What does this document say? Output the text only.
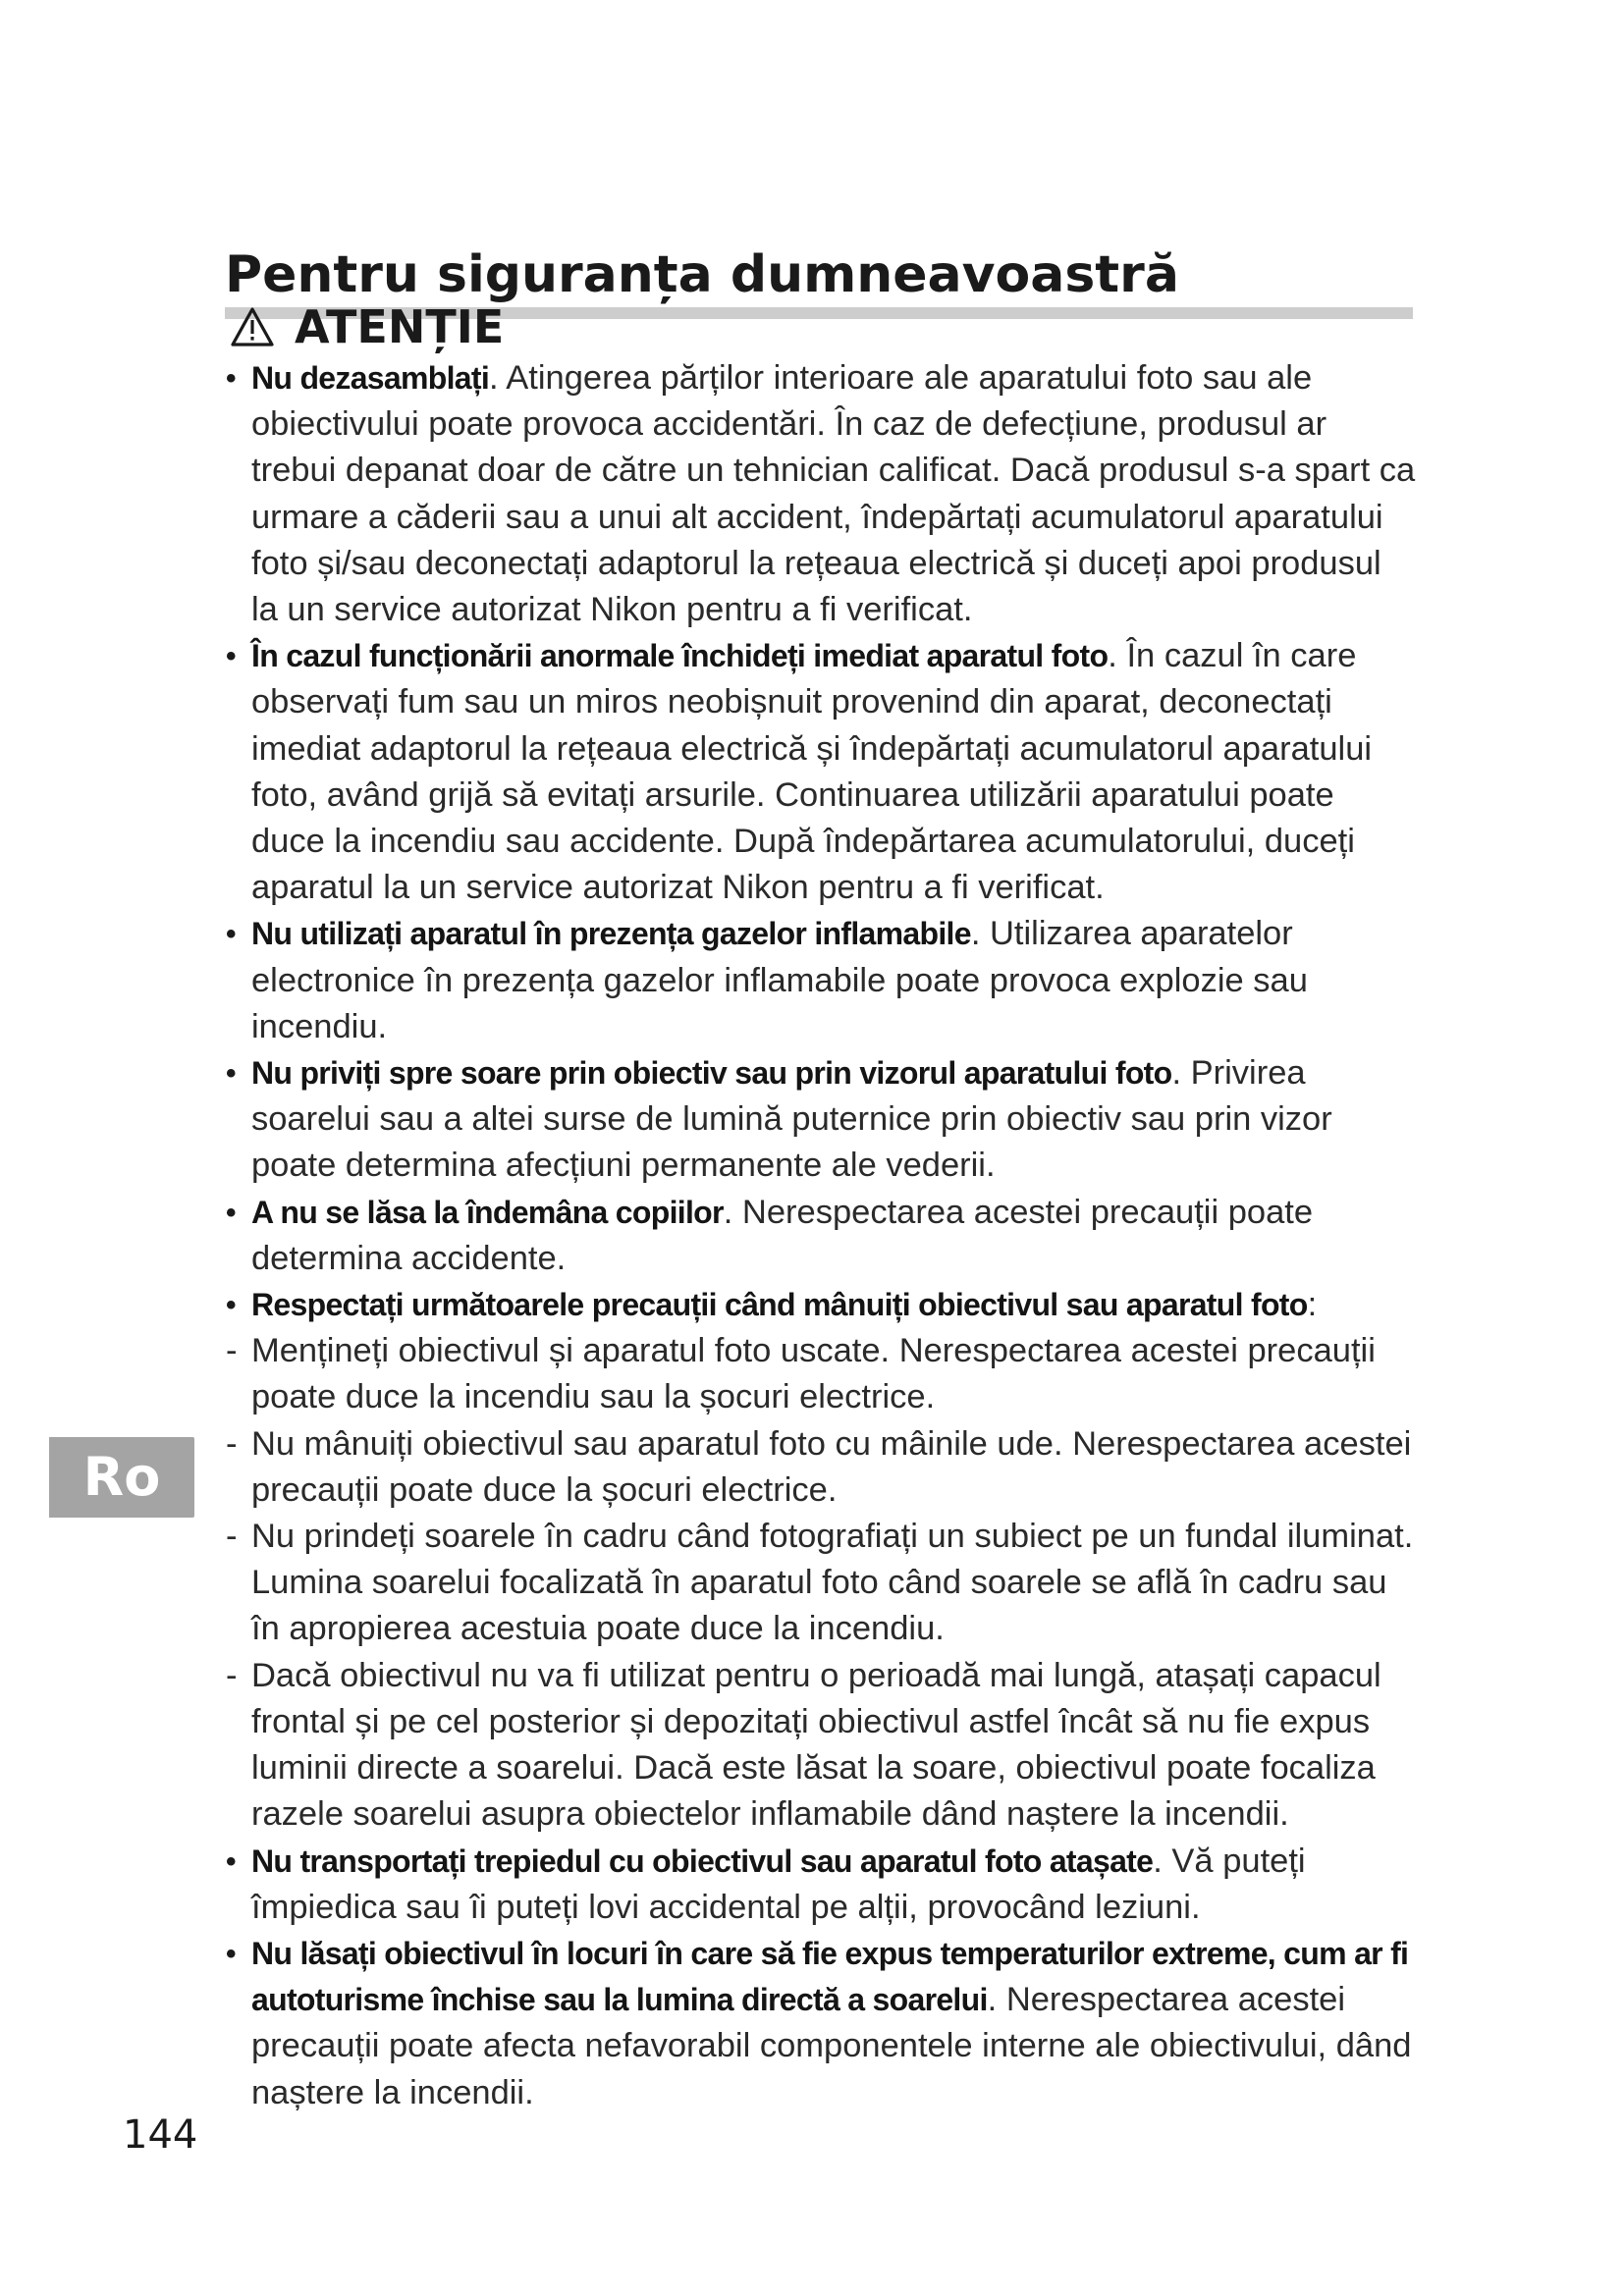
Pentru siguranța dumneavoastră
ATENȚIE
• Nu dezasamblați. Atingerea părților interioare ale aparatului foto sau ale obiectivului poate provoca accidentări. În caz de defecțiune, produsul ar trebui depanat doar de către un tehnician calificat. Dacă produsul s-a spart ca urmare a căderii sau a unui alt accident, îndepărtați acumulatorul aparatului foto și/sau deconectați adaptorul la rețeaua electrică și duceți apoi produsul la un service autorizat Nikon pentru a fi verificat.
• În cazul funcționării anormale închideți imediat aparatul foto. În cazul în care observați fum sau un miros neobișnuit provenind din aparat, deconectați imediat adaptorul la rețeaua electrică și îndepărtați acumulatorul aparatului foto, având grijă să evitați arsurile. Continuarea utilizării aparatului poate duce la incendiu sau accidente. După îndepărtarea acumulatorului, duceți aparatul la un service autorizat Nikon pentru a fi verificat.
• Nu utilizați aparatul în prezența gazelor inflamabile. Utilizarea aparatelor electronice în prezența gazelor inflamabile poate provoca explozie sau incendiu.
• Nu priviți spre soare prin obiectiv sau prin vizorul aparatului foto. Privirea soarelui sau a altei surse de lumină puternice prin obiectiv sau prin vizor poate determina afecțiuni permanente ale vederii.
• A nu se lăsa la îndemâna copiilor. Nerespectarea acestei precauții poate determina accidente.
• Respectați următoarele precauții când mânuiți obiectivul sau aparatul foto:
- Mențineți obiectivul și aparatul foto uscate. Nerespectarea acestei precauții poate duce la incendiu sau la șocuri electrice.
- Nu mânuiți obiectivul sau aparatul foto cu mâinile ude. Nerespectarea acestei precauții poate duce la șocuri electrice.
- Nu prindeți soarele în cadru când fotografiați un subiect pe un fundal iluminat. Lumina soarelui focalizată în aparatul foto când soarele se află în cadru sau în apropierea acestuia poate duce la incendiu.
- Dacă obiectivul nu va fi utilizat pentru o perioadă mai lungă, atașați capacul frontal și pe cel posterior și depozitați obiectivul astfel încât să nu fie expus luminii directe a soarelui. Dacă este lăsat la soare, obiectivul poate focaliza razele soarelui asupra obiectelor inflamabile dând naștere la incendii.
• Nu transportați trepiedul cu obiectivul sau aparatul foto atașate. Vă puteți împiedica sau îi puteți lovi accidental pe alții, provocând leziuni.
• Nu lăsați obiectivul în locuri în care să fie expus temperaturilor extreme, cum ar fi autoturisme închise sau la lumina directă a soarelui. Nerespectarea acestei precauții poate afecta nefavorabil componentele interne ale obiectivului, dând naștere la incendii.
Ro
144
